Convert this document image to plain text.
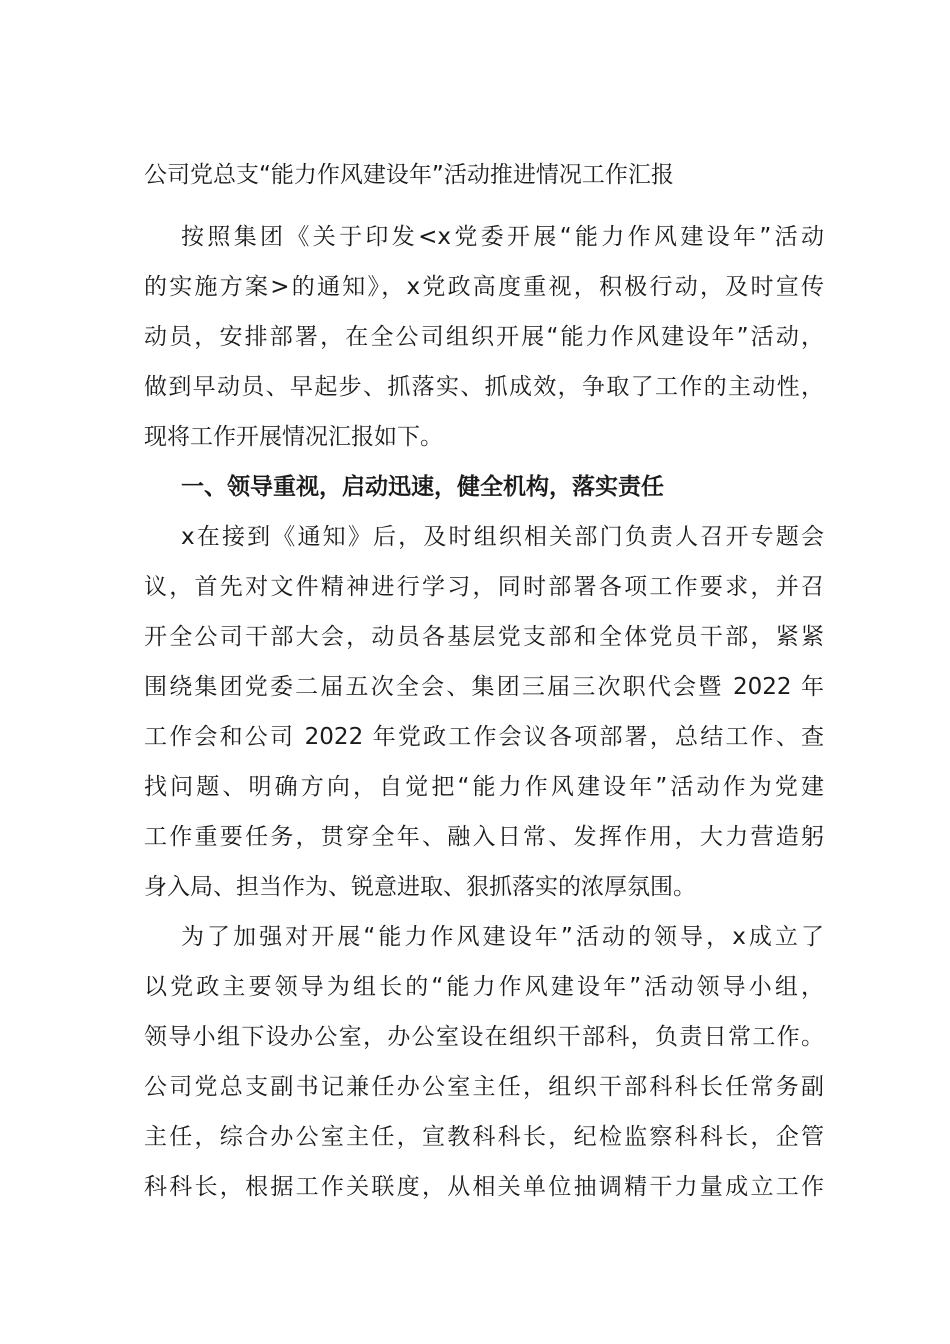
公司党总支“能力作风建设年”活动推进情况工作汇报
按照集团《关于印发<x党委开展“能力作风建设年”活动
的实施方案>的通知》，x党政高度重视，积极行动，及时宣传
动员，安排部署，在全公司组织开展“能力作风建设年”活动，
做到早动员、早起步、抓落实、抓成效，争取了工作的主动性，
现将工作开展情况汇报如下。
一、领导重视，启动迅速，健全机构，落实责任
x在接到《通知》后，及时组织相关部门负责人召开专题会
议，首先对文件精神进行学习，同时部署各项工作要求，并召
开全公司干部大会，动员各基层党支部和全体党员干部，紧紧
围绕集团党委二届五次全会、集团三届三次职代会暨 2022 年
工作会和公司 2022 年党政工作会议各项部署，总结工作、查
找问题、明确方向，自觉把“能力作风建设年”活动作为党建
工作重要任务，贯穿全年、融入日常、发挥作用，大力营造躬
身入局、担当作为、锐意进取、狠抓落实的浓厚氛围。
为了加强对开展“能力作风建设年”活动的领导，x成立了
以党政主要领导为组长的“能力作风建设年”活动领导小组，
领导小组下设办公室，办公室设在组织干部科，负责日常工作。
公司党总支副书记兼任办公室主任，组织干部科科长任常务副
主任，综合办公室主任，宣教科科长，纪检监察科科长，企管
科科长，根据工作关联度，从相关单位抽调精干力量成立工作
